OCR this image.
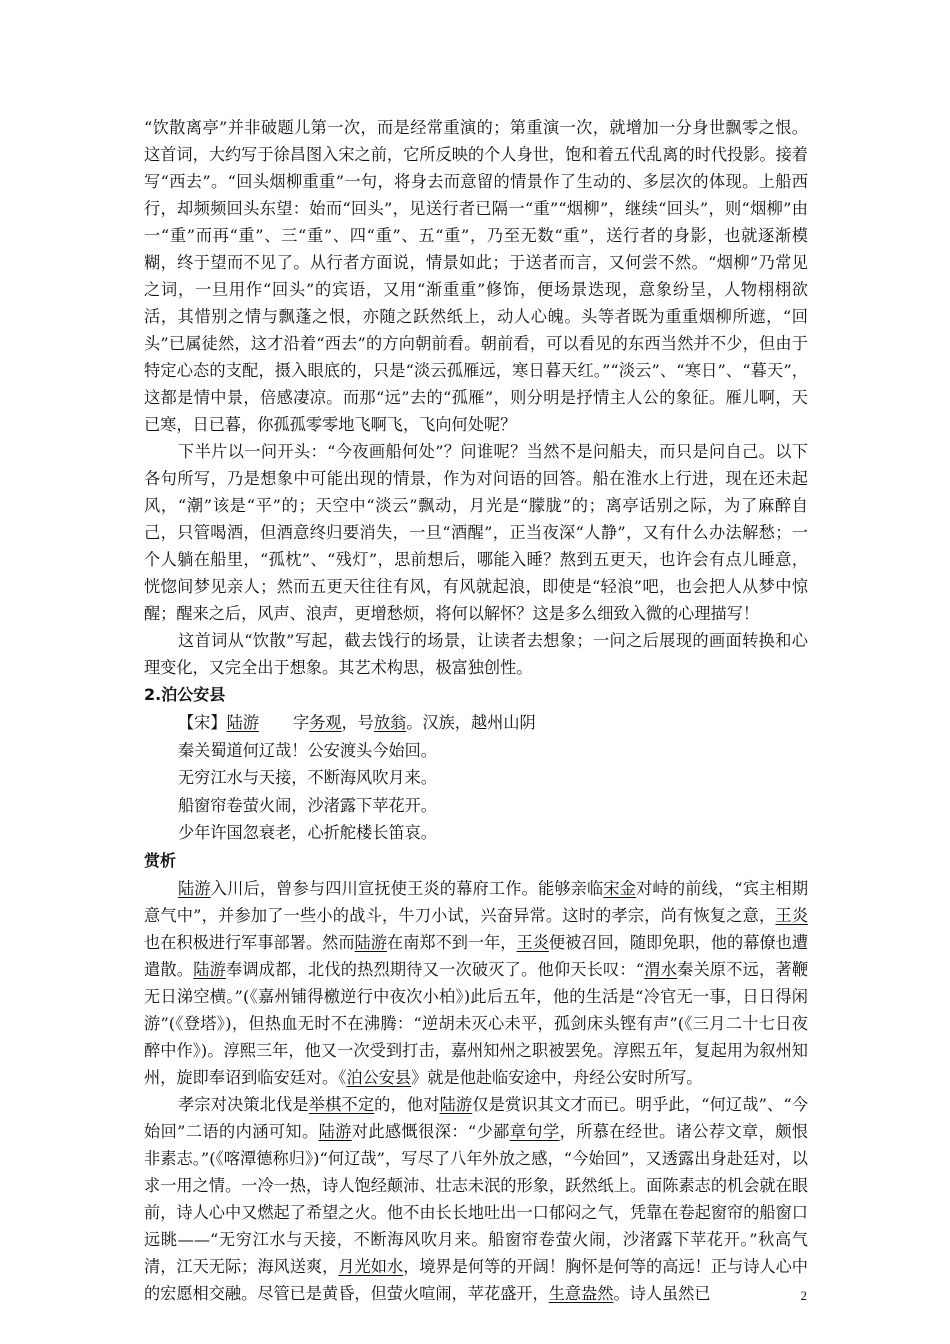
“饮散离亭”并非破题儿第一次，而是经常重演的；第重演一次，就增加一分身世飘零之恨。这首词，大约写于徐昌图入宋之前，它所反映的个人身世，饱和着五代乱离的时代投影。接着写“西去”。“回头烟柳重重”一句，将身去而意留的情景作了生动的、多层次的体现。上船西行，却频频回头东望：始而“回头”，见送行者已隔一“重”“烟柳”，继续“回头”，则“烟柳”由一“重”而再“重”、三“重”、四“重”、五“重”，乃至无数“重”，送行者的身影，也就逐渐模糊，终于望而不见了。从行者方面说，情景如此；于送者而言，又何尝不然。“烟柳”乃常见之词，一旦用作“回头”的宾语，又用“渐重重”修饰，便场景迭现，意象纷呈，人物栩栩欲活，其惜别之情与飘蓬之恨，亦随之跃然纸上，动人心魄。头等者既为重重烟柳所遮，“回头”已属徒然，这才沿着“西去”的方向朝前看。朝前看，可以看见的东西当然并不少，但由于特定心态的支配，摄入眼底的，只是“淡云孤雁远，寒日暮天红。”“淡云”、“寒日”、“暮天”，这都是情中景，倍感凄凉。而那“远”去的“孤雁”，则分明是抒情主人公的象征。雁儿啊，天已寒，日已暮，你孤孤零零地飞啊飞，飞向何处呢？

下半片以一问开头：“今夜画船何处”？问谁呢？当然不是问船夫，而只是问自己。以下各句所写，乃是想象中可能出现的情景，作为对问语的回答。船在淮水上行进，现在还未起风，“潮”该是“平”的；天空中“淡云”飘动，月光是“朦胧”的；离亭话别之际，为了麻醉自己，只管喝酒，但酒意终归要消失，一旦“酒醒”，正当夜深“人静”，又有什么办法解愁；一个人躺在船里，“孤枕”、“残灯”，思前想后，哪能入睡？熬到五更天，也许会有点儿睡意，恍惚间梦见亲人；然而五更天往往有风，有风就起浪，即使是“轻浪”吧，也会把人从梦中惊醒；醒来之后，风声、浪声，更增愁烦，将何以解怀？这是多么细致入微的心理描写！

这首词从“饮散”写起，截去饯行的场景，让读者去想象；一问之后展现的画面转换和心理变化，又完全出于想象。其艺术构思，极富独创性。

2.泊公安县

【宋】陆游 字务观，号放翁。汉族，越州山阴

秦关蜀道何辽哉！公安渡头今始回。

无穷江水与天接，不断海风吹月来。

船窗帘卷萤火闹，沙渚露下苹花开。

少年许国忽衰老，心折舵楼长笛哀。

赏析

陆游入川后，曾参与四川宣抚使王炎的幕府工作。能够亲临宋金对峙的前线，“宾主相期意气中”，并参加了一些小的战斗，牛刀小试，兴奋异常。这时的孝宗，尚有恢复之意，王炎也在积极进行军事部署。然而陆游在南郑不到一年，王炎便被召回，随即免职，他的幕僚也遭遣散。陆游奉调成都，北伐的热烈期待又一次破灭了。他仰天长叹：“渭水秦关原不远，著鞭无日涕空横。”(《嘉州铺得檄逆行中夜次小柏》)此后五年，他的生活是“冷官无一事，日日得闲游”(《登塔》)，但热血无时不在沸腾：“逆胡未灭心未平，孤剑床头铿有声”(《三月二十七日夜醉中作》)。淳熙三年，他又一次受到打击，嘉州知州之职被罢免。淳熙五年，复起用为叙州知州，旋即奉诏到临安廷对。《泊公安县》就是他赴临安途中，舟经公安时所写。

孝宗对决策北伐是举棋不定的，他对陆游仅是赏识其文才而已。明乎此，“何辽哉”、“今始回”二语的内涵可知。陆游对此感慨很深：“少鄙章句学，所慕在经世。诸公荐文章，颇恨非素志。”(《喀潭德称归》)“何辽哉”，写尽了八年外放之感，“今始回”，又透露出身赴廷对，以求一用之情。一冷一热，诗人饱经颠沛、壮志未泯的形象，跃然纸上。面陈素志的机会就在眼前，诗人心中又燃起了希望之火。他不由长长地吐出一口郁闷之气，凭靠在卷起窗帘的船窗口远眺——“无穷江水与天接，不断海风吹月来。船窗帘卷萤火闹，沙渚露下苹花开。”秋高气清，江天无际；海风送爽，月光如水，境界是何等的开阔！胸怀是何等的高远！正与诗人心中的宏愿相交融。尽管已是黄昏，但萤火喧闹，苹花盛开，生意盎然。诗人虽然已	2
